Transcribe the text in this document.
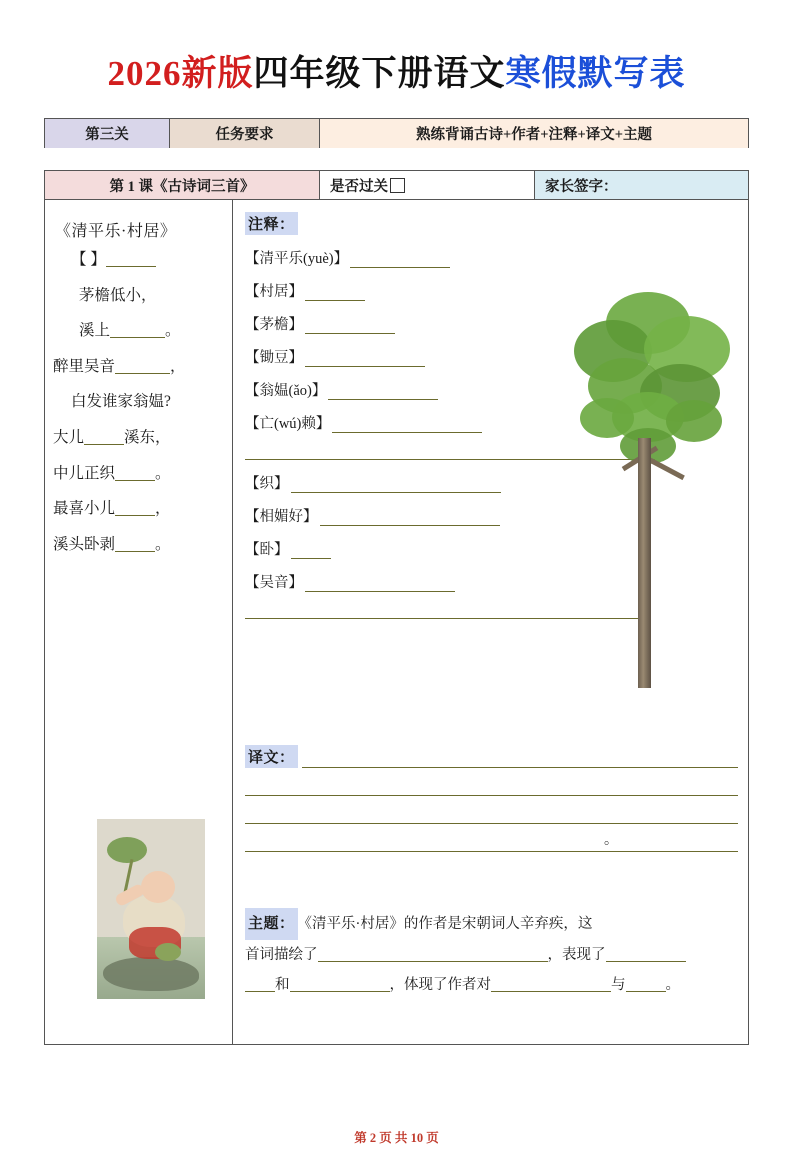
2026新版四年级下册语文寒假默写表
第三关	任务要求	熟练背诵古诗+作者+注释+译文+主题
第 1 课《古诗词三首》	是否过关	家长签字：
《清平乐·村居》
【 】
茅檐低小，
溪上	。
醉里吴音	，
白发谁家翁媪?
大儿	溪东，
中儿正织	。
最喜小儿	，
溪头卧剥	。
注释：
【清平乐(yuè)】
【村居】
【茅檐】
【锄豆】
【翁媪(ǎo)】
【亡(wú)赖】
【织】
【相媚好】
【卧】
【吴音】
译文：
。
主题： 《清平乐·村居》的作者是宋朝词人辛弃疾，这
首词描绘了	，表现了
和	，体现了作者对	与	。
第 2 页 共 10 页
